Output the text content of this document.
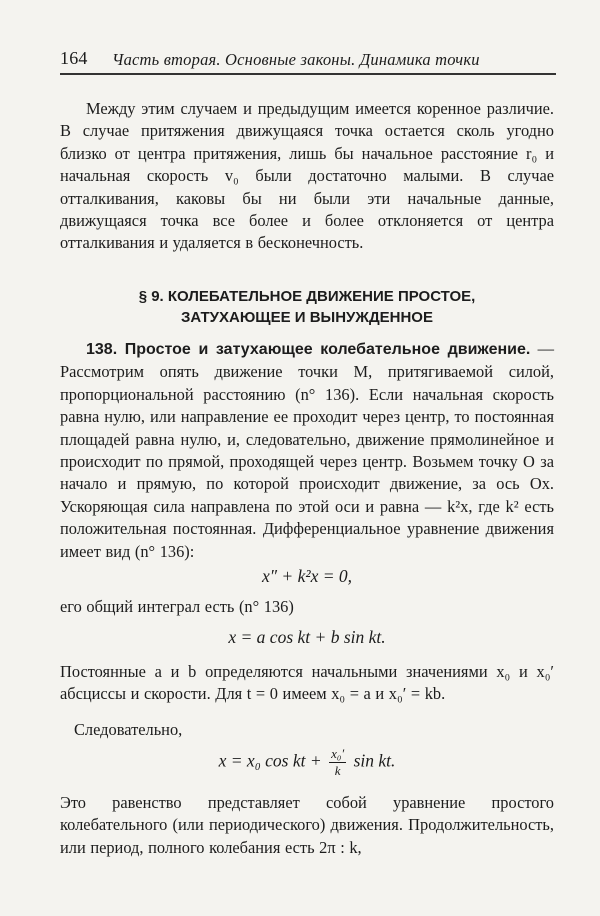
164 Часть вторая. Основные законы. Динамика точки
Между этим случаем и предыдущим имеется коренное различие. В случае притяжения движущаяся точка остается сколь угодно близко от центра притяжения, лишь бы начальное расстояние r₀ и начальная скорость v₀ были достаточно малыми. В случае отталкивания, каковы бы ни были эти начальные данные, движущаяся точка все более и более отклоняется от центра отталкивания и удаляется в бесконечность.
§ 9. КОЛЕБАТЕЛЬНОЕ ДВИЖЕНИЕ ПРОСТОЕ,
ЗАТУХАЮЩЕЕ И ВЫНУЖДЕННОЕ
138. Простое и затухающее колебательное движение. — Рассмотрим опять движение точки M, притягиваемой силой, пропорциональной расстоянию (n° 136). Если начальная скорость равна нулю, или направление ее проходит через центр, то постоянная площадей равна нулю, и, следовательно, движение прямолинейное и происходит по прямой, проходящей через центр. Возьмем точку O за начало и прямую, по которой происходит движение, за ось Ox. Ускоряющая сила направлена по этой оси и равна — k²x, где k² есть положительная постоянная. Дифференциальное уравнение движения имеет вид (n° 136):
x″ + k²x = 0,
его общий интеграл есть (n° 136)
x = a cos kt + b sin kt.
Постоянные a и b определяются начальными значениями x₀ и x₀′ абсциссы и скорости. Для t = 0 имеем x₀ = a и x₀′ = kb.
Следовательно,
x = x₀ cos kt + $\frac{\text{x₀′}}{k}$ sin kt.
Это равенство представляет собой уравнение простого колебательного (или периодического) движения. Продолжительность, или период, полного колебания есть 2π : k,
